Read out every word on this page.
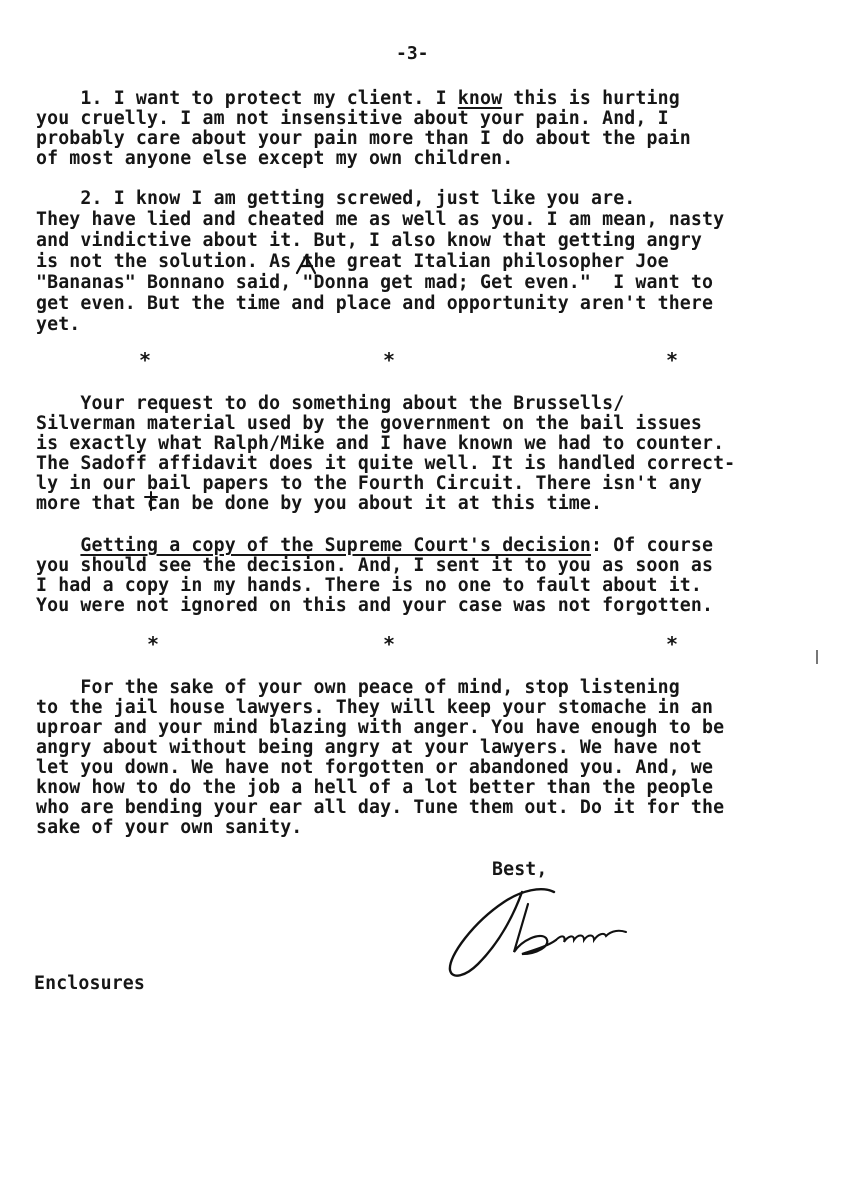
-3-
1. I want to protect my client. I know this is hurting
you cruelly. I am not insensitive about your pain. And, I
probably care about your pain more than I do about the pain
of most anyone else except my own children.
2. I know I am getting screwed, just like you are.
They have lied and cheated me as well as you. I am mean, nasty
and vindictive about it. But, I also know that getting angry
is not the solution. As the great Italian philosopher Joe
"Bananas" Bonnano said, "Donna get mad; Get even."  I want to
get even. But the time and place and opportunity aren't there
yet.
*	*	*
Your request to do something about the Brussells/
Silverman material used by the government on the bail issues
is exactly what Ralph/Mike and I have known we had to counter.
The Sadoff affidavit does it quite well. It is handled correct-
ly in our bail papers to the Fourth Circuit. There isn't any
more that can be done by you about it at this time.
Getting a copy of the Supreme Court's decision: Of course
you should see the decision. And, I sent it to you as soon as
I had a copy in my hands. There is no one to fault about it.
You were not ignored on this and your case was not forgotten.
*	*	*
For the sake of your own peace of mind, stop listening
to the jail house lawyers. They will keep your stomache in an
uproar and your mind blazing with anger. You have enough to be
angry about without being angry at your lawyers. We have not
let you down. We have not forgotten or abandoned you. And, we
know how to do the job a hell of a lot better than the people
who are bending your ear all day. Tune them out. Do it for the
sake of your own sanity.
Best,
Enclosures
